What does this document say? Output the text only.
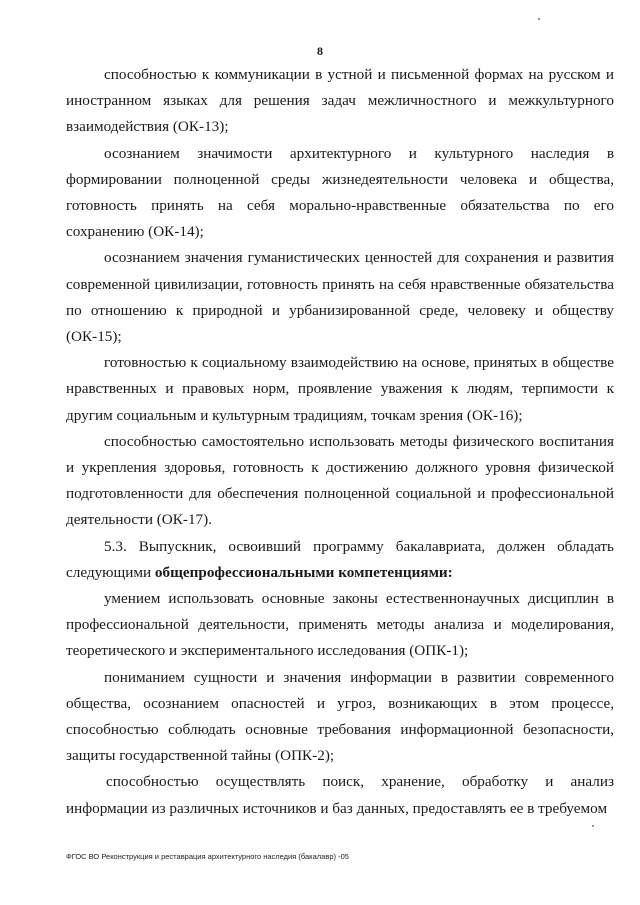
8

способностью к коммуникации в устной и письменной формах на русском и иностранном языках для решения задач межличностного и межкультурного взаимодействия (ОК-13);

осознанием значимости архитектурного и культурного наследия в формировании полноценной среды жизнедеятельности человека и общества, готовность принять на себя морально-нравственные обязательства по его сохранению (ОК-14);

осознанием значения гуманистических ценностей для сохранения и развития современной цивилизации, готовность принять на себя нравственные обязательства по отношению к природной и урбанизированной среде, человеку и обществу (ОК-15);

готовностью к социальному взаимодействию на основе, принятых в обществе нравственных и правовых норм, проявление уважения к людям, терпимости к другим социальным и культурным традициям, точкам зрения (ОК-16);

способностью самостоятельно использовать методы физического воспитания и укрепления здоровья, готовность к достижению должного уровня физической подготовленности для обеспечения полноценной социальной и профессиональной деятельности (ОК-17).

5.3. Выпускник, освоивший программу бакалавриата, должен обладать следующими общепрофессиональными компетенциями:

умением использовать основные законы естественнонаучных дисциплин в профессиональной деятельности, применять методы анализа и моделирования, теоретического и экспериментального исследования (ОПК-1);

пониманием сущности и значения информации в развитии современного общества, осознанием опасностей и угроз, возникающих в этом процессе, способностью соблюдать основные требования информационной безопасности, защиты государственной тайны (ОПК-2);

способностью осуществлять поиск, хранение, обработку и анализ информации из различных источников и баз данных, предоставлять ее в требуемом

ФГОС ВО Реконструкция и реставрация архитектурного наследия (бакалавр) -05
